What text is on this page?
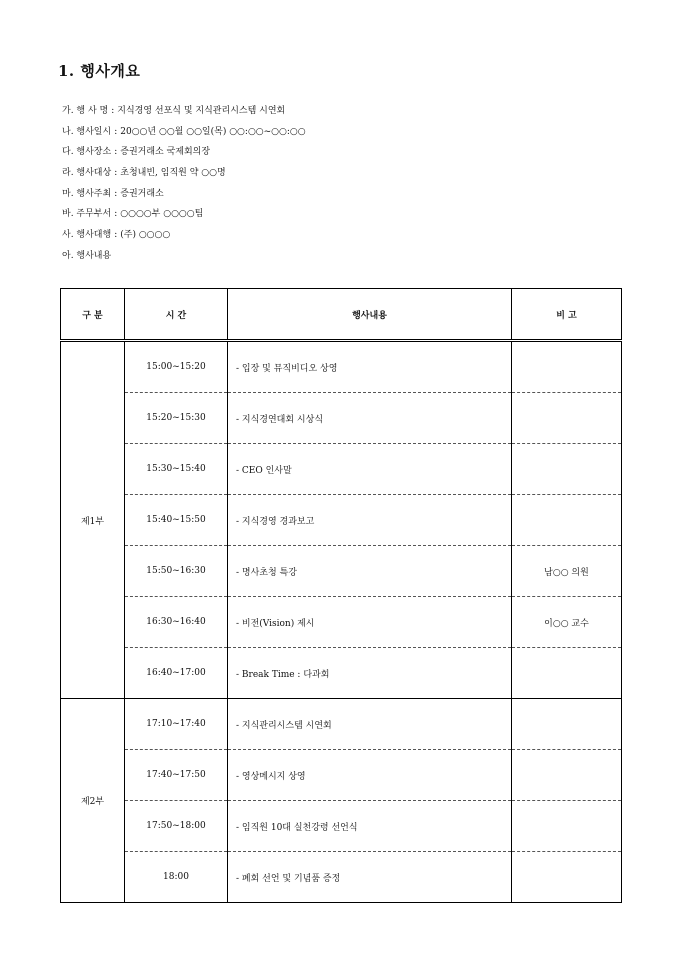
1. 행사개요
가. 행 사 명 : 지식경영 선포식 및 지식관리시스템 시연회
나. 행사일시 : 20○○년 ○○월 ○○일(목) ○○:○○~○○:○○
다. 행사장소 : 증권거래소 국제회의장
라. 행사대상 : 초청내빈, 임직원 약 ○○명
마. 행사주최 : 증권거래소
바. 주무부서 : ○○○○부 ○○○○팀
사. 행사대행 : (주) ○○○○
아. 행사내용
구 분	시 간	행사내용	비 고
제1부	15:00~15:20	- 입장 및 뮤직비디오 상영	
	15:20~15:30	- 지식경연대회 시상식	
	15:30~15:40	- CEO 인사말	
	15:40~15:50	- 지식경영 경과보고	
	15:50~16:30	- 명사초청 특강	남○○ 의원
	16:30~16:40	- 비전(Vision) 제시	이○○ 교수
	16:40~17:00	- Break Time : 다과회	
제2부	17:10~17:40	- 지식관리시스템 시연회	
	17:40~17:50	- 영상메시지 상영	
	17:50~18:00	- 임직원 10대 실천강령 선언식	
	18:00	- 폐회 선언 및 기념품 증정	
